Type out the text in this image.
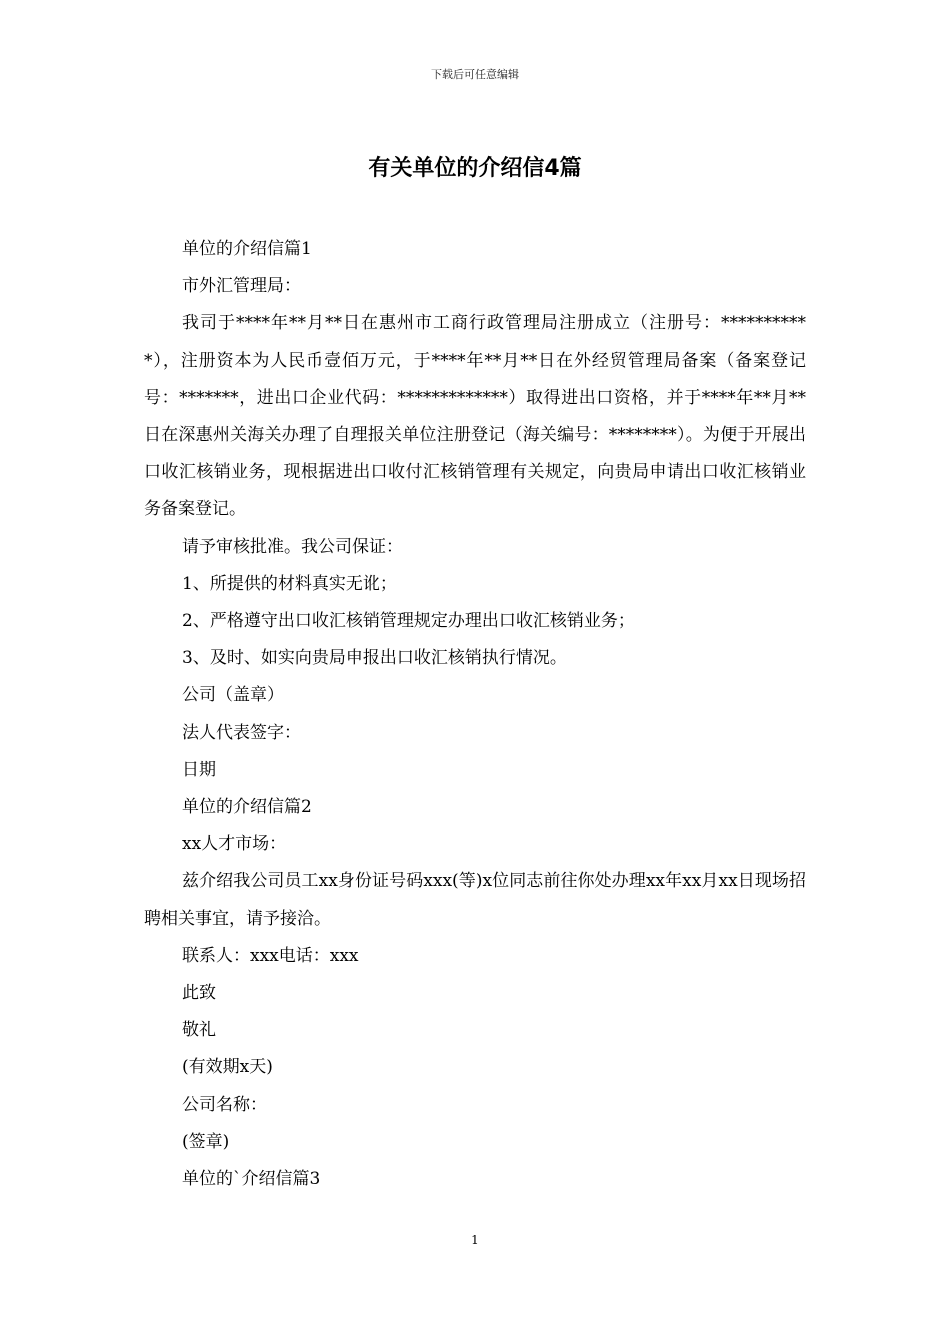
下载后可任意编辑
有关单位的介绍信4篇

单位的介绍信篇1

市外汇管理局：

我司于****年**月**日在惠州市工商行政管理局注册成立（注册号：***********），注册资本为人民币壹佰万元，于****年**月**日在外经贸管理局备案（备案登记号：*******，进出口企业代码：*************）取得进出口资格，并于****年**月**日在深惠州关海关办理了自理报关单位注册登记（海关编号：********）。为便于开展出口收汇核销业务，现根据进出口收付汇核销管理有关规定，向贵局申请出口收汇核销业务备案登记。

请予审核批准。我公司保证：

1、所提供的材料真实无讹；

2、严格遵守出口收汇核销管理规定办理出口收汇核销业务；

3、及时、如实向贵局申报出口收汇核销执行情况。

公司（盖章）

法人代表签字：

日期

单位的介绍信篇2

xx人才市场：

兹介绍我公司员工xx身份证号码xxx(等)x位同志前往你处办理xx年xx月xx日现场招聘相关事宜，请予接洽。

联系人：xxx电话：xxx

此致

敬礼

(有效期x天)

公司名称：

(签章)

单位的`介绍信篇3

1
